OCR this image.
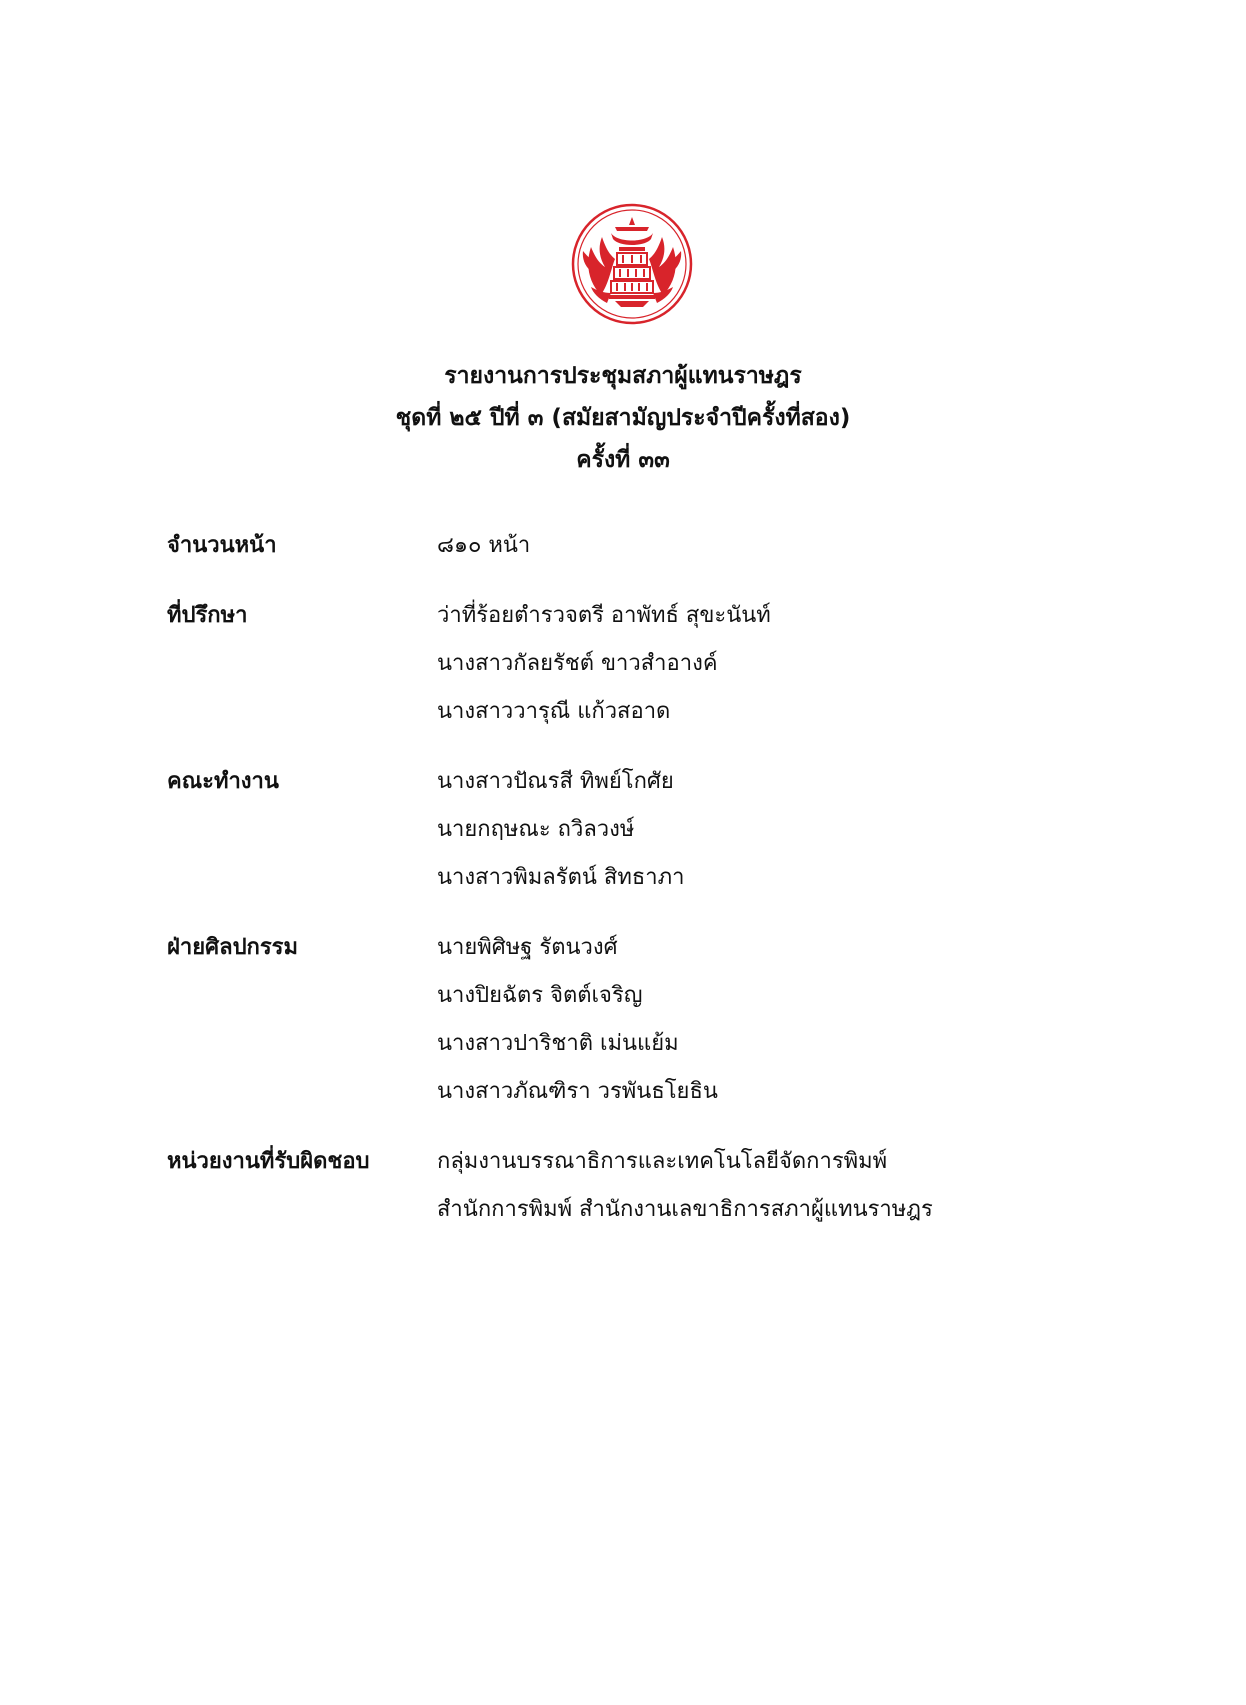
รายงานการประชุมสภาผู้แทนราษฎร
ชุดที่ ๒๕ ปีที่ ๓ (สมัยสามัญประจำปีครั้งที่สอง)
ครั้งที่ ๓๓
จำนวนหน้า	๘๑๐ หน้า
ที่ปรึกษา	ว่าที่ร้อยตำรวจตรี อาพัทธ์ สุขะนันท์
นางสาวกัลยรัชต์ ขาวสำอางค์
นางสาววารุณี แก้วสอาด
คณะทำงาน	นางสาวปัณรสี ทิพย์โกศัย
นายกฤษณะ ถวิลวงษ์
นางสาวพิมลรัตน์ สิทธาภา
ฝ่ายศิลปกรรม	นายพิศิษฐ รัตนวงศ์
นางปิยฉัตร จิตต์เจริญ
นางสาวปาริชาติ เม่นแย้ม
นางสาวภัณฑิรา วรพันธโยธิน
หน่วยงานที่รับผิดชอบ	กลุ่มงานบรรณาธิการและเทคโนโลยีจัดการพิมพ์
สำนักการพิมพ์ สำนักงานเลขาธิการสภาผู้แทนราษฎร
